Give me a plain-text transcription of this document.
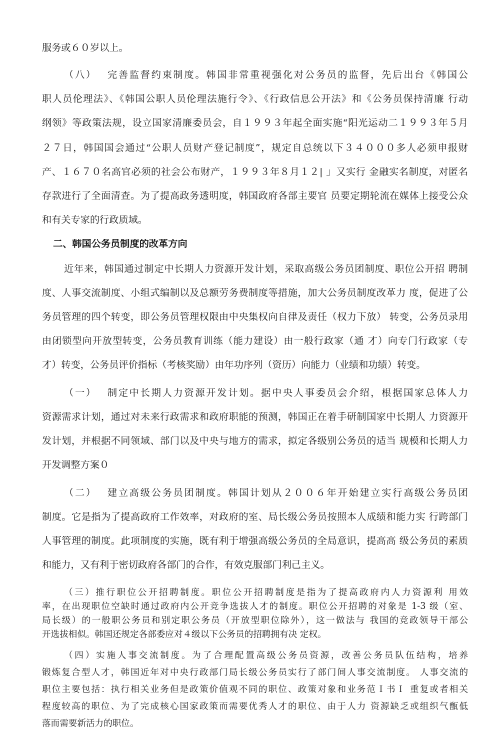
服务或６０岁以上。
（八）　 完善监督约束制度。韩国非常重视强化对公务员的监督，先后出台《韩国公
职人员伦理法》、《韩国公职人员伦理法施行令》、《行政信息公开法》和《公务员保持清廉 行动
纲领》等政策法规，设立国家清廉委员会，自１９９３年起全面实施“阳光运动二１９９３年５月
２７日，韩国国会通过“公职人员财产登记制度”，规定自总统以下３４０００多人必须申报财
产、１６７０名高官必须的社会公布财产，１９９３年８月１２| 」又实行 金融实名制度，对匿名
存款进行了全面清查。为了提高政务透明度，韩国政府各部主要官 员要定期轮流在媒体上接受公众
和有关专家的行政质域。
二、韩国公务员制度的改革方向
近年来，韩国通过制定中长期人力资源开发计划，采取高级公务员团制度、职位公开招 聘制
度、人事交流制度、小组式编制以及总额劳务费制度等措施，加大公务员制度改革力 度，促进了公
务员管理的四个转变，即公务员管理权限由中央集权向自律及责任（权力下放） 转变，公务员录用
由闭锁型向开放型转变，公务员教育训练（能力建设）由一般行政家（通 才）向专门行政家（专
才）转变，公务员评价指标（考核奖励）由年功序列（资历）向能力（业绩和功绩）转变。
（一）　 制定中长期人力资源开发计划。据中央人事委员会介绍，根据国家总体人力
资源需求计划，通过对未来行政需求和政府职能的预测，韩国正在着手研制国家中长期人 力资源开
发计划，并根据不同领域、部门以及中央与地方的需求，拟定各级别公务员的适当 规模和长期人力
开发调整方案０
（二）　 建立高级公务员团制度。韩国计划从２００６年开始建立实行高级公务员团
制度。它是指为了提高政府工作效率，对政府的室、局长级公务员按照本人成绩和能力实 行跨部门
人事管理的制度。此项制度的实施，既有利于增强高级公务员的全局意识，提高高 级公务员的素质
和能力，又有利于密切政府各部门的合作，有效克服部门利己主义。
（三）推行职位公开招聘制度。职位公开招聘制度是指为了提高政府内人力资源利 用效
率，在出现职位空缺时通过政府内公开竞争选拔人才的制度。职位公开招聘的对象是 1-3 级（室、
局长级）的一般职公务员和别定职公务员（开放型职位除外），这一做法与 我国的竞政领导干部公
开选拔相似。韩国还规定各部委应对４级以下公务员的招聘拥有决 定权。
（四）实施人事交流制度。为了合理配置高级公务员资源，改善公务员队伍结构，培养
锻炼复合型人才，韩国近年对中央行政部门局长级公务员实行了部门间人事交流制度。 人事交流的
职位主要包括：执行相关业务但是政策价值观不同的职位、政策对象和业务范Ｉ书Ｉ 重复或者相关
程度较高的职位、为了完成核心国家政策而需要优秀人才的职位、由于人力 资源缺乏或组织气甑低
落而需要新活力的职位。
